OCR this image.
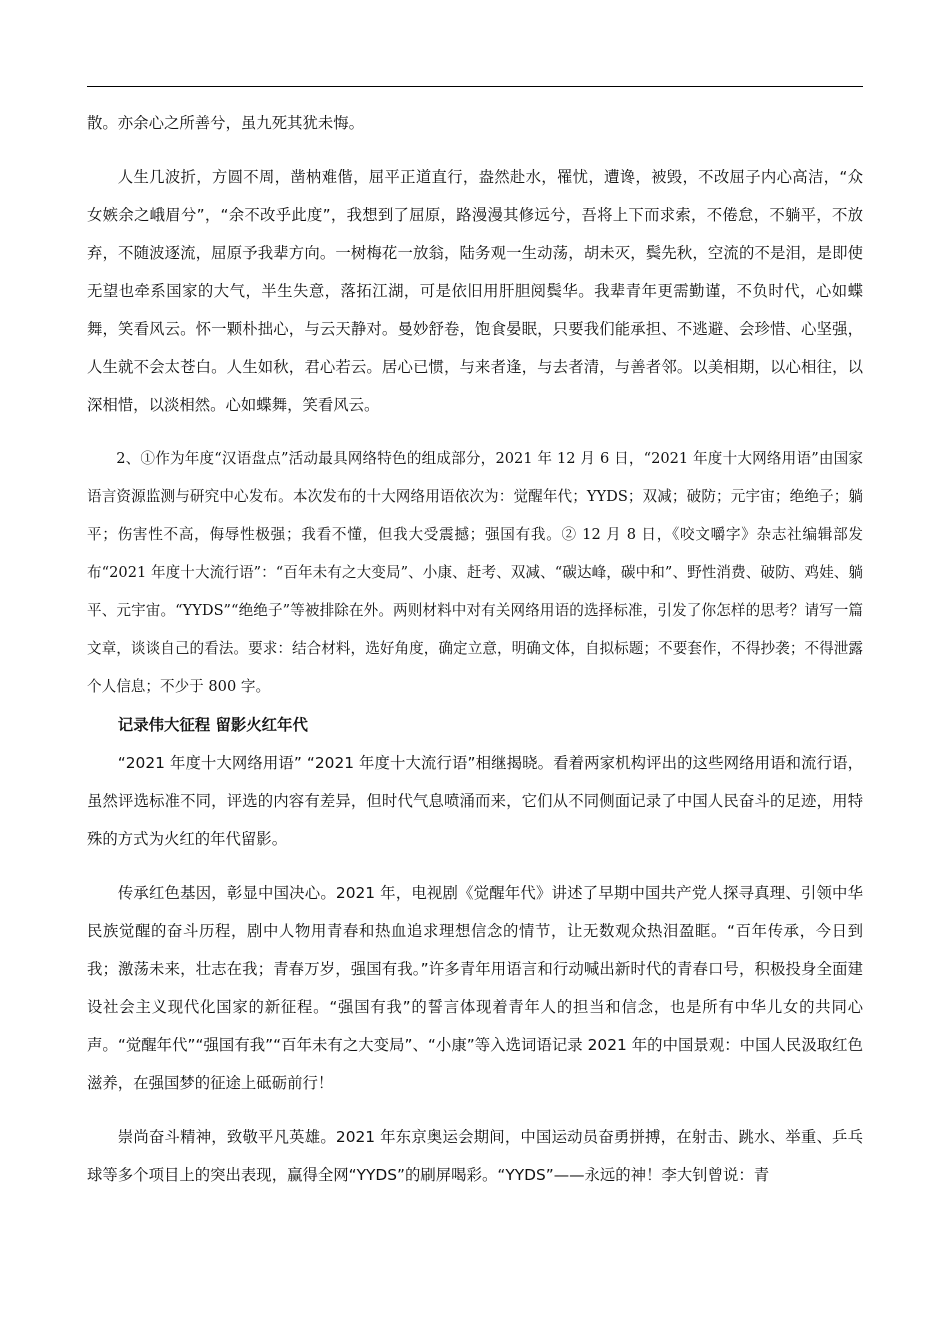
散。亦余心之所善兮，虽九死其犹未悔。

人生几波折，方圆不周，凿枘难偕，屈平正道直行，盎然赴水，罹忧，遭谗，被毁，不改屈子内心高洁，“众女嫉余之峨眉兮”，“余不改乎此度”，我想到了屈原，路漫漫其修远兮，吾将上下而求索，不倦怠，不躺平，不放弃，不随波逐流，屈原予我辈方向。一树梅花一放翁，陆务观一生动荡，胡未灭，鬓先秋，空流的不是泪，是即使无望也牵系国家的大气，半生失意，落拓江湖，可是依旧用肝胆阅鬓华。我辈青年更需勤谨，不负时代，心如蝶舞，笑看风云。怀一颗朴拙心，与云天静对。曼妙舒卷，饱食晏眠，只要我们能承担、不逃避、会珍惜、心坚强，人生就不会太苍白。人生如秋，君心若云。居心已惯，与来者逢，与去者清，与善者邻。以美相期，以心相往，以深相惜，以淡相然。心如蝶舞，笑看风云。

2、①作为年度“汉语盘点”活动最具网络特色的组成部分，2021 年 12 月 6 日，“2021 年度十大网络用语”由国家语言资源监测与研究中心发布。本次发布的十大网络用语依次为：觉醒年代；YYDS；双减；破防；元宇宙；绝绝子；躺平；伤害性不高，侮辱性极强；我看不懂，但我大受震撼；强国有我。② 12 月 8 日，《咬文嚼字》杂志社编辑部发布“2021 年度十大流行语”：“百年未有之大变局”、小康、赶考、双减、“碳达峰，碳中和”、野性消费、破防、鸡娃、躺平、元宇宙。“YYDS”“绝绝子”等被排除在外。两则材料中对有关网络用语的选择标准，引发了你怎样的思考？请写一篇文章，谈谈自己的看法。要求：结合材料，选好角度，确定立意，明确文体，自拟标题；不要套作，不得抄袭；不得泄露个人信息；不少于 800 字。

记录伟大征程 留影火红年代

“2021 年度十大网络用语” “2021 年度十大流行语”相继揭晓。看着两家机构评出的这些网络用语和流行语，虽然评选标准不同，评选的内容有差异，但时代气息喷涌而来，它们从不同侧面记录了中国人民奋斗的足迹，用特殊的方式为火红的年代留影。

传承红色基因，彰显中国决心。2021 年，电视剧《觉醒年代》讲述了早期中国共产党人探寻真理、引领中华民族觉醒的奋斗历程，剧中人物用青春和热血追求理想信念的情节，让无数观众热泪盈眶。“百年传承，今日到我；激荡未来，壮志在我；青春万岁，强国有我。”许多青年用语言和行动喊出新时代的青春口号，积极投身全面建设社会主义现代化国家的新征程。“强国有我”的誓言体现着青年人的担当和信念，也是所有中华儿女的共同心声。“觉醒年代”“强国有我”“百年未有之大变局”、“小康”等入选词语记录 2021 年的中国景观：中国人民汲取红色滋养，在强国梦的征途上砥砺前行！

崇尚奋斗精神，致敬平凡英雄。2021 年东京奥运会期间，中国运动员奋勇拼搏，在射击、跳水、举重、乒乓球等多个项目上的突出表现，赢得全网“YYDS”的刷屏喝彩。“YYDS”——永远的神！李大钊曾说：青
